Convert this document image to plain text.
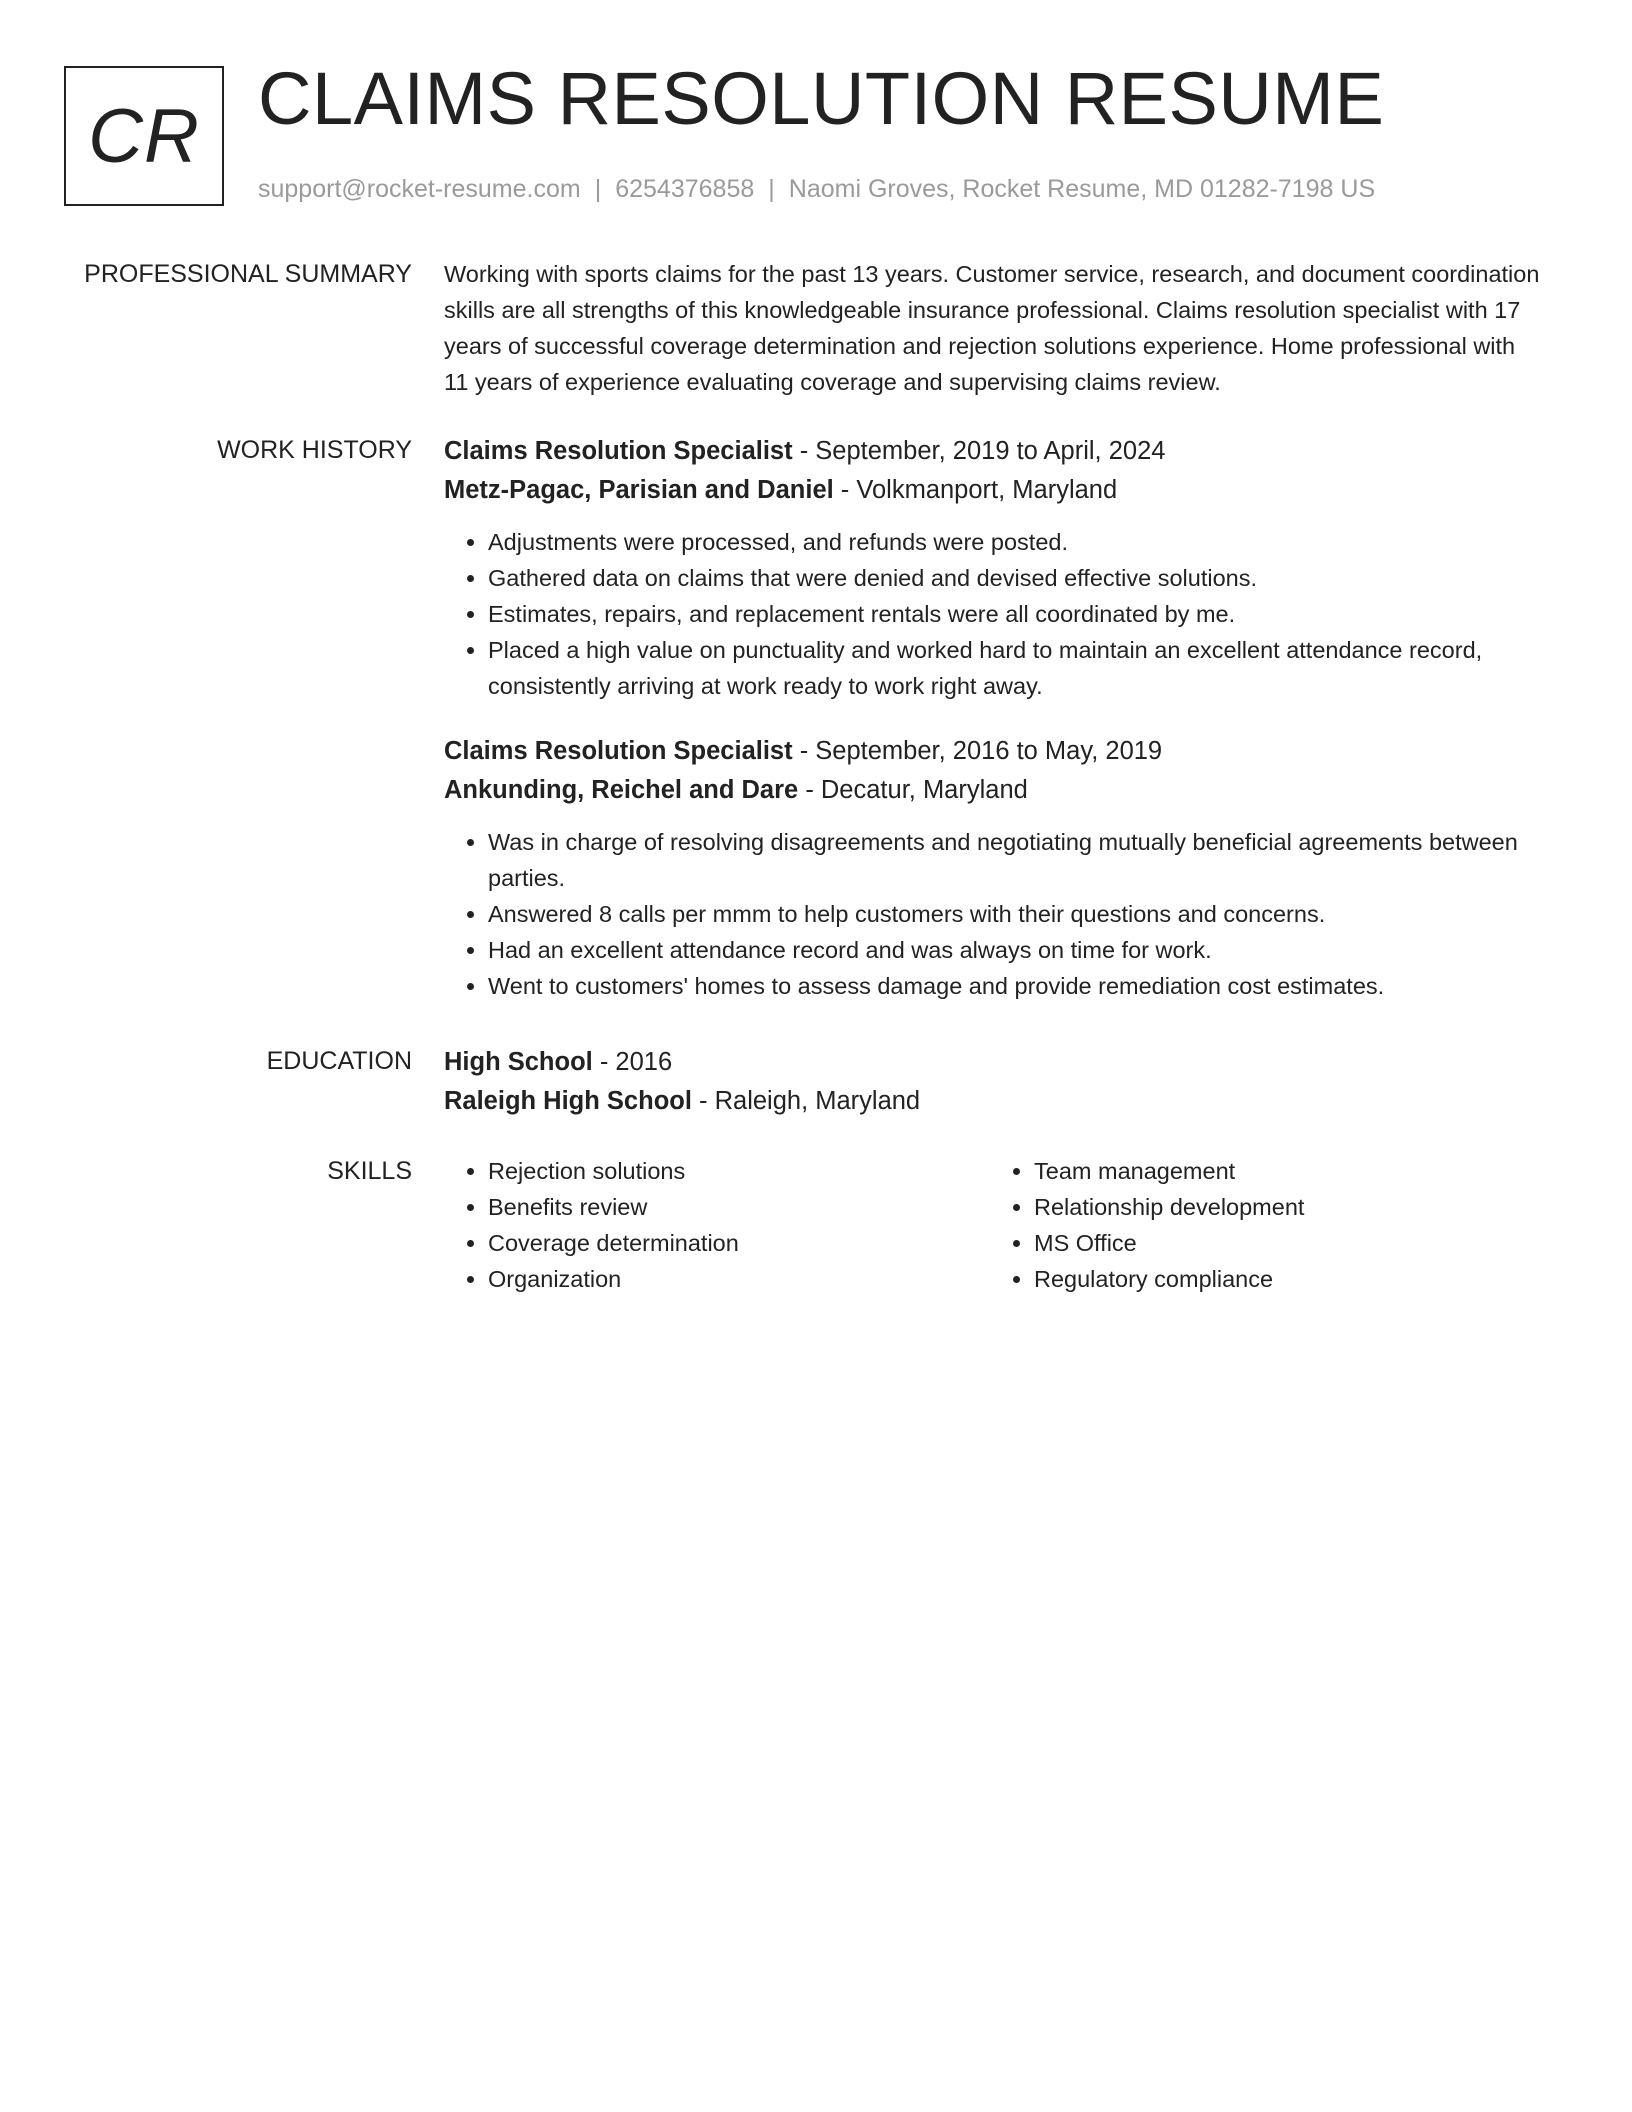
CR CLAIMS RESOLUTION RESUME
support@rocket-resume.com | 6254376858 | Naomi Groves, Rocket Resume, MD 01282-7198 US
PROFESSIONAL SUMMARY Working with sports claims for the past 13 years. Customer service, research, and document coordination skills are all strengths of this knowledgeable insurance professional. Claims resolution specialist with 17 years of successful coverage determination and rejection solutions experience. Home professional with 11 years of experience evaluating coverage and supervising claims review.
WORK HISTORY Claims Resolution Specialist - September, 2019 to April, 2024
Metz-Pagac, Parisian and Daniel - Volkmanport, Maryland
• Adjustments were processed, and refunds were posted.
• Gathered data on claims that were denied and devised effective solutions.
• Estimates, repairs, and replacement rentals were all coordinated by me.
• Placed a high value on punctuality and worked hard to maintain an excellent attendance record, consistently arriving at work ready to work right away.
Claims Resolution Specialist - September, 2016 to May, 2019
Ankunding, Reichel and Dare - Decatur, Maryland
• Was in charge of resolving disagreements and negotiating mutually beneficial agreements between parties.
• Answered 8 calls per mmm to help customers with their questions and concerns.
• Had an excellent attendance record and was always on time for work.
• Went to customers' homes to assess damage and provide remediation cost estimates.
EDUCATION High School - 2016
Raleigh High School - Raleigh, Maryland
SKILLS
•	Rejection solutions
• Benefits review
• Coverage determination
• Organization
• Team management
• Relationship development
• MS Office
• Regulatory compliance
